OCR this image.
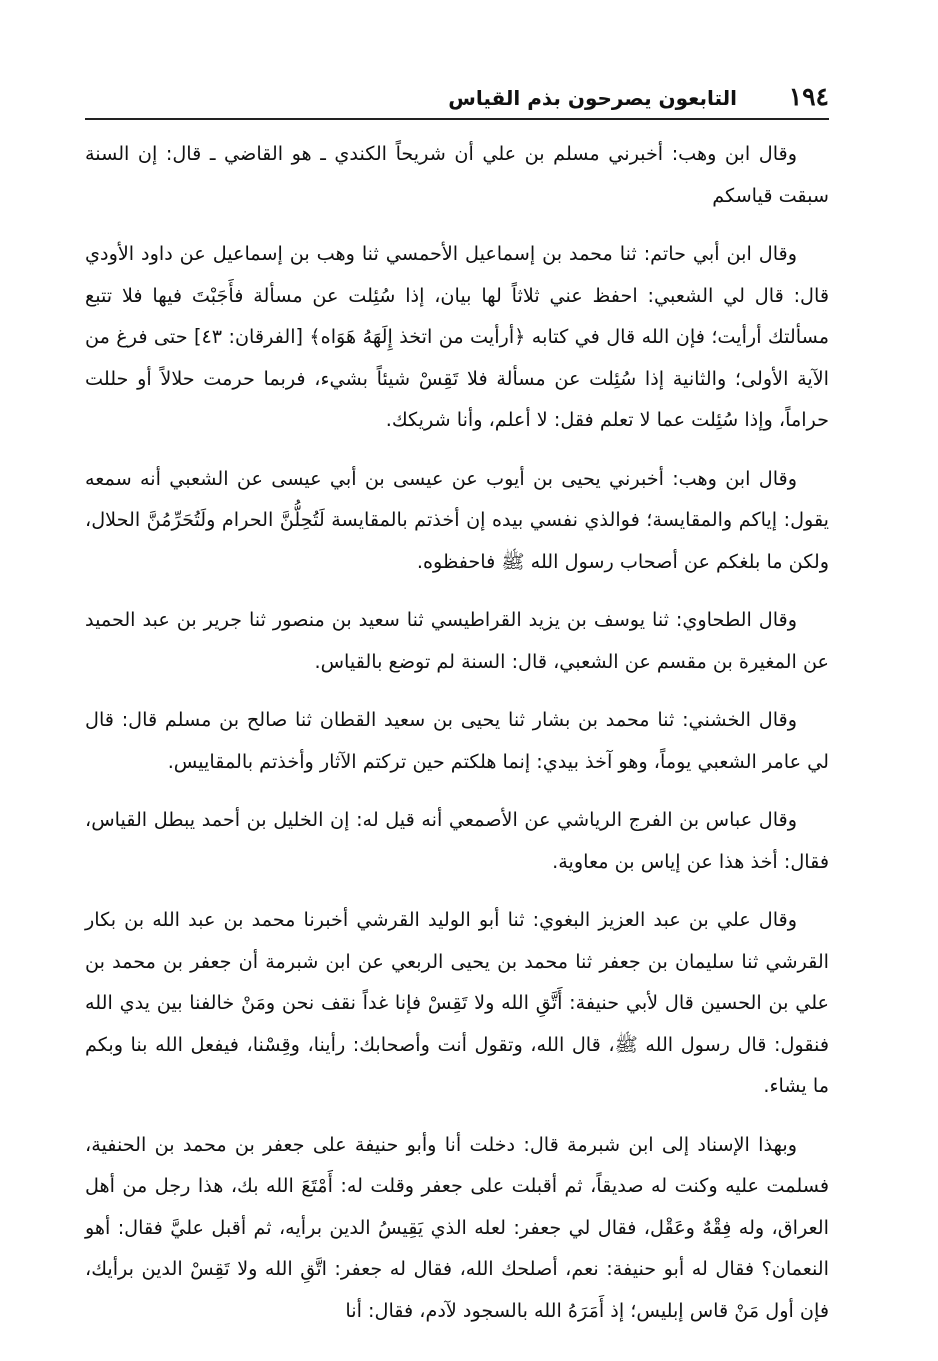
١٩٤
التابعون يصرحون بذم القياس

وقال ابن وهب: أخبرني مسلم بن علي أن شريحاً الكندي ـ هو القاضي ـ قال: إن السنة سبقت قياسكم

وقال ابن أبي حاتم: ثنا محمد بن إسماعيل الأحمسي ثنا وهب بن إسماعيل عن داود الأودي قال: قال لي الشعبي: احفظ عني ثلاثاً لها بيان، إذا سُئِلت عن مسألة فأَجَبْتَ فيها فلا تتبع مسألتك أرأيت؛ فإن الله قال في كتابه ﴿أرأيت من اتخذ إِلَهَهُ هَوَاه﴾ [الفرقان: ٤٣] حتى فرغ من الآية الأولى؛ والثانية إذا سُئِلت عن مسألة فلا تَقِسْ شيئاً بشيء، فربما حرمت حلالاً أو حللت حراماً، وإذا سُئِلت عما لا تعلم فقل: لا أعلم، وأنا شريكك.

وقال ابن وهب: أخبرني يحيى بن أيوب عن عيسى بن أبي عيسى عن الشعبي أنه سمعه يقول: إياكم والمقايسة؛ فوالذي نفسي بيده إن أخذتم بالمقايسة لَتُحِلُّنَّ الحرام ولَتُحَرِّمُنَّ الحلال، ولكن ما بلغكم عن أصحاب رسول الله ﷺ فاحفظوه.

وقال الطحاوي: ثنا يوسف بن يزيد القراطيسي ثنا سعيد بن منصور ثنا جرير بن عبد الحميد عن المغيرة بن مقسم عن الشعبي، قال: السنة لم توضع بالقياس.

وقال الخشني: ثنا محمد بن بشار ثنا يحيى بن سعيد القطان ثنا صالح بن مسلم قال: قال لي عامر الشعبي يوماً، وهو آخذ بيدي: إنما هلكتم حين تركتم الآثار وأخذتم بالمقاييس.

وقال عباس بن الفرج الرياشي عن الأصمعي أنه قيل له: إن الخليل بن أحمد يبطل القياس، فقال: أخذ هذا عن إياس بن معاوية.

وقال علي بن عبد العزيز البغوي: ثنا أبو الوليد القرشي أخبرنا محمد بن عبد الله بن بكار القرشي ثنا سليمان بن جعفر ثنا محمد بن يحيى الربعي عن ابن شبرمة أن جعفر بن محمد بن علي بن الحسين قال لأبي حنيفة: أَتَّقِ الله ولا تَقِسْ فإنا غداً نقف نحن ومَنْ خالفنا بين يدي الله فنقول: قال رسول الله ﷺ، قال الله، وتقول أنت وأصحابك: رأينا، وقِسْنا، فيفعل الله بنا وبكم ما يشاء.

وبهذا الإسناد إلى ابن شبرمة قال: دخلت أنا وأبو حنيفة على جعفر بن محمد بن الحنفية، فسلمت عليه وكنت له صديقاً، ثم أقبلت على جعفر وقلت له: أَمْتَعَ الله بك، هذا رجل من أهل العراق، وله فِقْهٌ وعَقْل، فقال لي جعفر: لعله الذي يَقِيسُ الدين برأيه، ثم أقبل عليَّ فقال: أهو النعمان؟ فقال له أبو حنيفة: نعم، أصلحك الله، فقال له جعفر: اتَّقِ الله ولا تَقِسْ الدين برأيك، فإن أول مَنْ قاس إبليس؛ إذ أَمَرَهُ الله بالسجود لآدم، فقال: أنا
